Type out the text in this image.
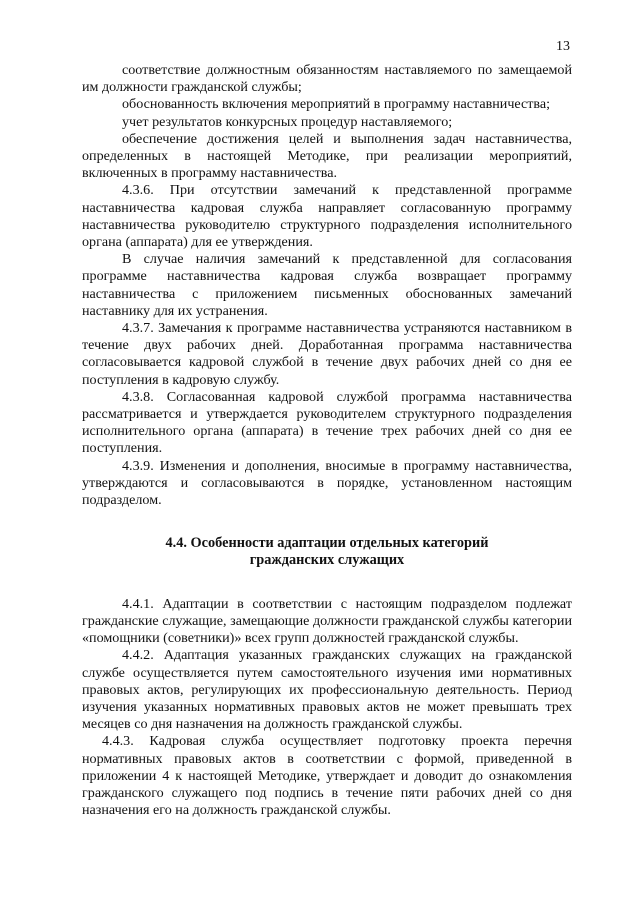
13

соответствие должностным обязанностям наставляемого по замещаемой им должности гражданской службы;

обоснованность включения мероприятий в программу наставничества;

учет результатов конкурсных процедур наставляемого;

обеспечение достижения целей и выполнения задач наставничества, определенных в настоящей Методике, при реализации мероприятий, включенных в программу наставничества.

4.3.6. При отсутствии замечаний к представленной программе наставничества кадровая служба направляет согласованную программу наставничества руководителю структурного подразделения исполнительного органа (аппарата) для ее утверждения.

В случае наличия замечаний к представленной для согласования программе наставничества кадровая служба возвращает программу наставничества с приложением письменных обоснованных замечаний наставнику для их устранения.

4.3.7. Замечания к программе наставничества устраняются наставником в течение двух рабочих дней. Доработанная программа наставничества согласовывается кадровой службой в течение двух рабочих дней со дня ее поступления в кадровую службу.

4.3.8. Согласованная кадровой службой программа наставничества рассматривается и утверждается руководителем структурного подразделения исполнительного органа (аппарата) в течение трех рабочих дней со дня ее поступления.

4.3.9. Изменения и дополнения, вносимые в программу наставничества, утверждаются и согласовываются в порядке, установленном настоящим подразделом.

4.4. Особенности адаптации отдельных категорий
гражданских служащих

4.4.1. Адаптации в соответствии с настоящим подразделом подлежат гражданские служащие, замещающие должности гражданской службы категории «помощники (советники)» всех групп должностей гражданской службы.

4.4.2. Адаптация указанных гражданских служащих на гражданской службе осуществляется путем самостоятельного изучения ими нормативных правовых актов, регулирующих их профессиональную деятельность. Период изучения указанных нормативных правовых актов не может превышать трех месяцев со дня назначения на должность гражданской службы.

4.4.3. Кадровая служба осуществляет подготовку проекта перечня нормативных правовых актов в соответствии с формой, приведенной в приложении 4 к настоящей Методике, утверждает и доводит до ознакомления гражданского служащего под подпись в течение пяти рабочих дней со дня назначения его на должность гражданской службы.
